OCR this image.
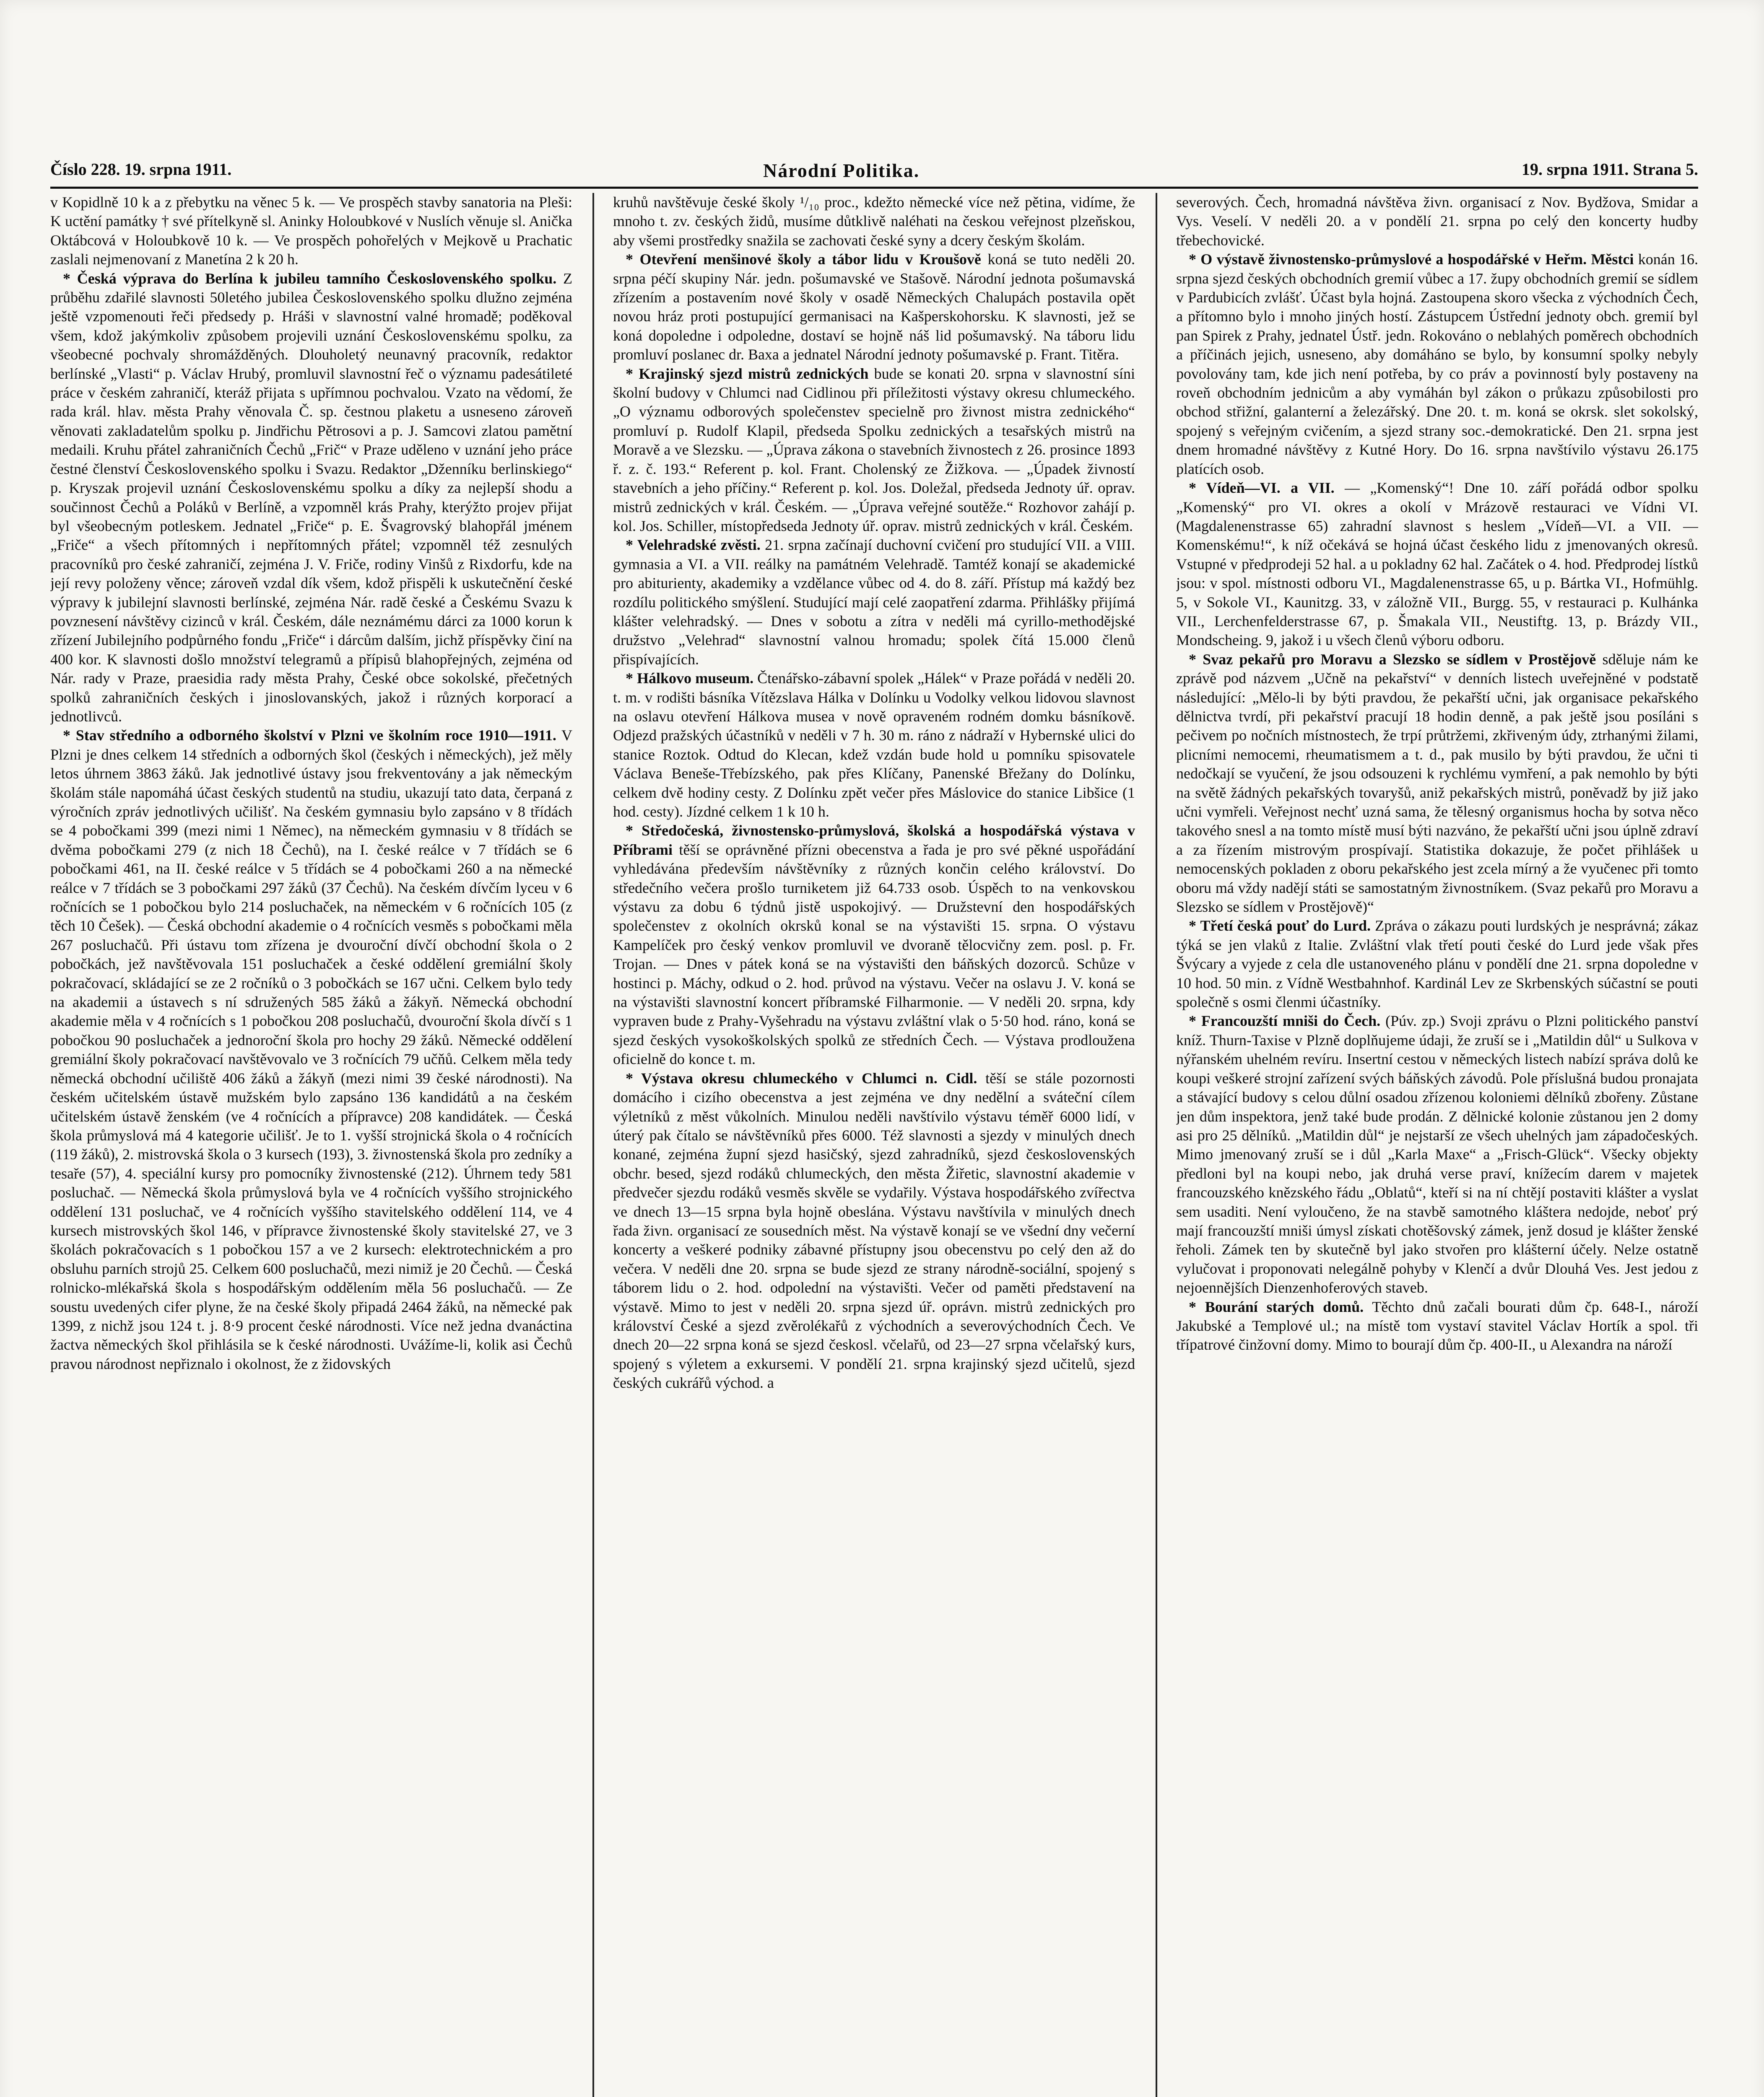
Číslo 228. 19. srpna 1911.	Národní Politika.	19. srpna 1911. Strana 5.

v Kopidlně 10 k a z přebytku na věnec 5 k. — Ve prospěch stavby sanatoria na Pleši: K uctění památky † své přítelkyně sl. Aninky Holoubkové v Nuslích věnuje sl. Anička Oktábcová v Holoubkově 10 k. — Ve prospěch pohořelých v Mejkově u Prachatic zaslali nejmenovaní z Manetína 2 k 20 h.

* Česká výprava do Berlína k jubileu tamního Československého spolku. Z průběhu zdařilé slavnosti 50letého jubilea Československého spolku dlužno zejména ještě vzpomenouti řeči předsedy p. Hráši v slavnostní valné hromadě; poděkoval všem, kdož jakýmkoliv způsobem projevili uznání Československému spolku, za všeobecné pochvaly shromážděných. Dlouholetý neunavný pracovník, redaktor berlínské „Vlasti“ p. Václav Hrubý, promluvil slavnostní řeč o významu padesátileté práce v českém zahraničí, kteráž přijata s upřímnou pochvalou. Vzato na vědomí, že rada král. hlav. města Prahy věnovala Č. sp. čestnou plaketu a usneseno zároveň věnovati zakladatelům spolku p. Jindřichu Pětrosovi a p. J. Samcovi zlatou pamětní medaili. Kruhu přátel zahraničních Čechů „Frič“ v Praze uděleno v uznání jeho práce čestné členství Československého spolku i Svazu. Redaktor „Dženníku berlinskiego“ p. Kryszak projevil uznání Československému spolku a díky za nejlepší shodu a součinnost Čechů a Poláků v Berlíně, a vzpomněl krás Prahy, kterýžto projev přijat byl všeobecným potleskem. Jednatel „Friče“ p. E. Švagrovský blahopřál jménem „Friče“ a všech přítomných i nepřítomných přátel; vzpomněl též zesnulých pracovníků pro české zahraničí, zejména J. V. Friče, rodiny Vinšů z Rixdorfu, kde na její revy položeny věnce; zároveň vzdal dík všem, kdož přispěli k uskutečnění české výpravy k jubilejní slavnosti berlínské, zejména Nár. radě české a Českému Svazu k povznesení návštěvy cizinců v král. Českém, dále neznámému dárci za 1000 korun k zřízení Jubilejního podpůrného fondu „Friče“ i dárcům dalším, jichž příspěvky činí na 400 kor. K slavnosti došlo množství telegramů a přípisů blahopřejných, zejména od Nár. rady v Praze, praesidia rady města Prahy, České obce sokolské, přečetných spolků zahraničních českých i jinoslovanských, jakož i různých korporací a jednotlivců.

* Stav středního a odborného školství v Plzni ve školním roce 1910—1911. V Plzni je dnes celkem 14 středních a odborných škol (českých i německých), jež měly letos úhrnem 3863 žáků. Jak jednotlivé ústavy jsou frekventovány a jak německým školám stále napomáhá účast českých studentů na studiu, ukazují tato data, čerpaná z výročních zpráv jednotlivých učilišť. Na českém gymnasiu bylo zapsáno v 8 třídách se 4 pobočkami 399 (mezi nimi 1 Němec), na německém gymnasiu v 8 třídách se dvěma pobočkami 279 (z nich 18 Čechů), na I. české reálce v 7 třídách se 6 pobočkami 461, na II. české reálce v 5 třídách se 4 pobočkami 260 a na německé reálce v 7 třídách se 3 pobočkami 297 žáků (37 Čechů). Na českém dívčím lyceu v 6 ročnících se 1 pobočkou bylo 214 posluchaček, na německém v 6 ročnících 105 (z těch 10 Češek). — Česká obchodní akademie o 4 ročnících vesměs s pobočkami měla 267 posluchačů. Při ústavu tom zřízena je dvouroční dívčí obchodní škola o 2 pobočkách, jež navštěvovala 151 posluchaček a české oddělení gremiální školy pokračovací, skládající se ze 2 ročníků o 3 pobočkách se 167 učni. Celkem bylo tedy na akademii a ústavech s ní sdružených 585 žáků a žákyň. Německá obchodní akademie měla v 4 ročnících s 1 pobočkou 208 posluchačů, dvouroční škola dívčí s 1 pobočkou 90 posluchaček a jednoroční škola pro hochy 29 žáků. Německé oddělení gremiální školy pokračovací navštěvovalo ve 3 ročnících 79 učňů. Celkem měla tedy německá obchodní učiliště 406 žáků a žákyň (mezi nimi 39 české národnosti). Na českém učitelském ústavě mužském bylo zapsáno 136 kandidátů a na českém učitelském ústavě ženském (ve 4 ročnících a přípravce) 208 kandidátek. — Česká škola průmyslová má 4 kategorie učilišť. Je to 1. vyšší strojnická škola o 4 ročnících (119 žáků), 2. mistrovská škola o 3 kursech (193), 3. živnostenská škola pro zedníky a tesaře (57), 4. speciální kursy pro pomocníky živnostenské (212). Úhrnem tedy 581 posluchač. — Německá škola průmyslová byla ve 4 ročnících vyššího strojnického oddělení 131 posluchač, ve 4 ročnících vyššího stavitelského oddělení 114, ve 4 kursech mistrovských škol 146, v přípravce živnostenské školy stavitelské 27, ve 3 školách pokračovacích s 1 pobočkou 157 a ve 2 kursech: elektrotechnickém a pro obsluhu parních strojů 25. Celkem 600 posluchačů, mezi nimiž je 20 Čechů. — Česká rolnicko-mlékařská škola s hospodářským oddělením měla 56 posluchačů. — Ze soustu uvedených cifer plyne, že na české školy připadá 2464 žáků, na německé pak 1399, z nichž jsou 124 t. j. 8·9 procent české národnosti. Více než jedna dvanáctina žactva německých škol přihlásila se k české národnosti. Uvážíme-li, kolik asi Čechů pravou národnost nepřiznalo i okolnost, že z židovských

kruhů navštěvuje české školy ¹/₁₀ proc., kdežto německé více než pětina, vidíme, že mnoho t. zv. českých židů, musíme důtklivě naléhati na českou veřejnost plzeňskou, aby všemi prostředky snažila se zachovati české syny a dcery českým školám.

* Otevření menšinové školy a tábor lidu v Kroušově koná se tuto neděli 20. srpna péčí skupiny Nár. jedn. pošumavské ve Stašově. Národní jednota pošumavská zřízením a postavením nové školy v osadě Německých Chalupách postavila opět novou hráz proti postupující germanisaci na Kašperskohorsku. K slavnosti, jež se koná dopoledne i odpoledne, dostaví se hojně náš lid pošumavský. Na táboru lidu promluví poslanec dr. Baxa a jednatel Národní jednoty pošumavské p. Frant. Titěra.

* Krajinský sjezd mistrů zednických bude se konati 20. srpna v slavnostní síni školní budovy v Chlumci nad Cidlinou při příležitosti výstavy okresu chlumeckého. „O významu odborových společenstev specielně pro živnost mistra zednického“ promluví p. Rudolf Klapil, předseda Spolku zednických a tesařských mistrů na Moravě a ve Slezsku. — „Úprava zákona o stavebních živnostech z 26. prosince 1893 ř. z. č. 193.“ Referent p. kol. Frant. Cholenský ze Žižkova. — „Úpadek živností stavebních a jeho příčiny.“ Referent p. kol. Jos. Doležal, předseda Jednoty úř. oprav. mistrů zednických v král. Českém. — „Úprava veřejné soutěže.“ Rozhovor zahájí p. kol. Jos. Schiller, místopředseda Jednoty úř. oprav. mistrů zednických v král. Českém.

* Velehradské zvěsti. 21. srpna začínají duchovní cvičení pro studující VII. a VIII. gymnasia a VI. a VII. reálky na památném Velehradě. Tamtéž konají se akademické pro abiturienty, akademiky a vzdělance vůbec od 4. do 8. září. Přístup má každý bez rozdílu politického smýšlení. Studující mají celé zaopatření zdarma. Přihlášky přijímá klášter velehradský. — Dnes v sobotu a zítra v neděli má cyrillo-methodějské družstvo „Velehrad“ slavnostní valnou hromadu; spolek čítá 15.000 členů přispívajících.

* Hálkovo museum. Čtenářsko-zábavní spolek „Hálek“ v Praze pořádá v neděli 20. t. m. v rodišti básníka Vítězslava Hálka v Dolínku u Vodolky velkou lidovou slavnost na oslavu otevření Hálkova musea v nově opraveném rodném domku básníkově. Odjezd pražských účastníků v neděli v 7 h. 30 m. ráno z nádraží v Hybernské ulici do stanice Roztok. Odtud do Klecan, kdež vzdán bude hold u pomníku spisovatele Václava Beneše-Třebízského, pak přes Klíčany, Panenské Břežany do Dolínku, celkem dvě hodiny cesty. Z Dolínku zpět večer přes Máslovice do stanice Libšice (1 hod. cesty). Jízdné celkem 1 k 10 h.

* Středočeská, živnostensko-průmyslová, školská a hospodářská výstava v Příbrami těší se oprávněné přízni obecenstva a řada je pro své pěkné uspořádání vyhledávána především návštěvníky z různých končin celého království. Do středečního večera prošlo turniketem již 64.733 osob. Úspěch to na venkovskou výstavu za dobu 6 týdnů jistě uspokojivý. — Družstevní den hospodářských společenstev z okolních okrsků konal se na výstavišti 15. srpna. O výstavu Kampelíček pro český venkov promluvil ve dvoraně tělocvičny zem. posl. p. Fr. Trojan. — Dnes v pátek koná se na výstavišti den báňských dozorců. Schůze v hostinci p. Máchy, odkud o 2. hod. průvod na výstavu. Večer na oslavu J. V. koná se na výstavišti slavnostní koncert příbramské Filharmonie. — V neděli 20. srpna, kdy vypraven bude z Prahy-Vyšehradu na výstavu zvláštní vlak o 5·50 hod. ráno, koná se sjezd českých vysokoškolských spolků ze středních Čech. — Výstava prodloužena oficielně do konce t. m.

* Výstava okresu chlumeckého v Chlumci n. Cidl. těší se stále pozornosti domácího i cizího obecenstva a jest zejména ve dny nedělní a sváteční cílem výletníků z měst vůkolních. Minulou neděli navštívilo výstavu téměř 6000 lidí, v úterý pak čítalo se návštěvníků přes 6000. Též slavnosti a sjezdy v minulých dnech konané, zejména župní sjezd hasičský, sjezd zahradníků, sjezd československých obchr. besed, sjezd rodáků chlumeckých, den města Žiřetic, slavnostní akademie v předvečer sjezdu rodáků vesměs skvěle se vydařily. Výstava hospodářského zvířectva ve dnech 13—15 srpna byla hojně obeslána. Výstavu navštívila v minulých dnech řada živn. organisací ze sousedních měst. Na výstavě konají se ve všední dny večerní koncerty a veškeré podniky zábavné přístupny jsou obecenstvu po celý den až do večera. V neděli dne 20. srpna se bude sjezd ze strany národně-sociální, spojený s táborem lidu o 2. hod. odpolední na výstavišti. Večer od paměti představení na výstavě. Mimo to jest v neděli 20. srpna sjezd úř. oprávn. mistrů zednických pro království České a sjezd zvěrolékařů z východních a severovýchodních Čech. Ve dnech 20—22 srpna koná se sjezd českosl. včelařů, od 23—27 srpna včelařský kurs, spojený s výletem a exkursemi. V pondělí 21. srpna krajinský sjezd učitelů, sjezd českých cukrářů východ. a

severových. Čech, hromadná návštěva živn. organisací z Nov. Bydžova, Smidar a Vys. Veselí. V neděli 20. a v pondělí 21. srpna po celý den koncerty hudby třebechovické.

* O výstavě živnostensko-průmyslové a hospodářské v Heřm. Městci konán 16. srpna sjezd českých obchodních gremií vůbec a 17. župy obchodních gremií se sídlem v Pardubicích zvlášť. Účast byla hojná. Zastoupena skoro všecka z východních Čech, a přítomno bylo i mnoho jiných hostí. Zástupcem Ústřední jednoty obch. gremií byl pan Spirek z Prahy, jednatel Ústř. jedn. Rokováno o neblahých poměrech obchodních a příčinách jejich, usneseno, aby domáháno se bylo, by konsumní spolky nebyly povolovány tam, kde jich není potřeba, by co práv a povinností byly postaveny na roveň obchodním jednicům a aby vymáhán byl zákon o průkazu způsobilosti pro obchod střižní, galanterní a železářský. Dne 20. t. m. koná se okrsk. slet sokolský, spojený s veřejným cvičením, a sjezd strany soc.-demokratické. Den 21. srpna jest dnem hromadné návštěvy z Kutné Hory. Do 16. srpna navštívilo výstavu 26.175 platících osob.

* Vídeň—VI. a VII. — „Komenský“! Dne 10. září pořádá odbor spolku „Komenský“ pro VI. okres a okolí v Mrázově restauraci ve Vídni VI. (Magdalenenstrasse 65) zahradní slavnost s heslem „Vídeň—VI. a VII. — Komenskému!“, k níž očekává se hojná účast českého lidu z jmenovaných okresů. Vstupné v předprodeji 52 hal. a u pokladny 62 hal. Začátek o 4. hod. Předprodej lístků jsou: v spol. místnosti odboru VI., Magdalenenstrasse 65, u p. Bártka VI., Hofmühlg. 5, v Sokole VI., Kaunitzg. 33, v záložně VII., Burgg. 55, v restauraci p. Kulhánka VII., Lerchenfelderstrasse 67, p. Šmakala VII., Neustiftg. 13, p. Brázdy VII., Mondscheing. 9, jakož i u všech členů výboru odboru.

* Svaz pekařů pro Moravu a Slezsko se sídlem v Prostějově sděluje nám ke zprávě pod názvem „Učně na pekařství“ v denních listech uveřejněné v podstatě následující: „Mělo-li by býti pravdou, že pekařští učni, jak organisace pekařského dělnictva tvrdí, při pekařství pracují 18 hodin denně, a pak ještě jsou posíláni s pečivem po nočních místnostech, že trpí průtržemi, zkřiveným údy, ztrhanými žilami, plicními nemocemi, rheumatismem a t. d., pak musilo by býti pravdou, že učni ti nedočkají se vyučení, že jsou odsouzeni k rychlému vymření, a pak nemohlo by býti na světě žádných pekařských tovaryšů, aniž pekařských mistrů, poněvadž by již jako učni vymřeli. Veřejnost nechť uzná sama, že tělesný organismus hocha by sotva něco takového snesl a na tomto místě musí býti nazváno, že pekařští učni jsou úplně zdraví a za řízením mistrovým prospívají. Statistika dokazuje, že počet přihlášek u nemocenských pokladen z oboru pekařského jest zcela mírný a že vyučenec při tomto oboru má vždy nadějí státi se samostatným živnostníkem. (Svaz pekařů pro Moravu a Slezsko se sídlem v Prostějově)“

* Třetí česká pouť do Lurd. Zpráva o zákazu pouti lurdských je nesprávná; zákaz týká se jen vlaků z Italie. Zvláštní vlak třetí pouti české do Lurd jede však přes Švýcary a vyjede z cela dle ustanoveného plánu v pondělí dne 21. srpna dopoledne v 10 hod. 50 min. z Vídně Westbahnhof. Kardinál Lev ze Skrbenských súčastní se pouti společně s osmi členmi účastníky.

* Francouzští mniši do Čech. (Púv. zp.) Svoji zprávu o Plzni politického panství kníž. Thurn-Taxise v Plzně doplňujeme údaji, že zruší se i „Matildin důl“ u Sulkova v nýřanském uhelném revíru. Insertní cestou v německých listech nabízí správa dolů ke koupi veškeré strojní zařízení svých báňských závodů. Pole příslušná budou pronajata a stávající budovy s celou důlní osadou zřízenou koloniemi dělníků zbořeny. Zůstane jen dům inspektora, jenž také bude prodán. Z dělnické kolonie zůstanou jen 2 domy asi pro 25 dělníků. „Matildin důl“ je nejstarší ze všech uhelných jam západočeských. Mimo jmenovaný zruší se i důl „Karla Maxe“ a „Frisch-Glück“. Všecky objekty předloni byl na koupi nebo, jak druhá verse praví, knížecím darem v majetek francouzského knězského řádu „Oblatů“, kteří si na ní chtějí postaviti klášter a vyslat sem usaditi. Není vyloučeno, že na stavbě samotného kláštera nedojde, neboť prý mají francouzští mniši úmysl získati chotěšovský zámek, jenž dosud je klášter ženské řeholi. Zámek ten by skutečně byl jako stvořen pro klášterní účely. Nelze ostatně vylučovat i proponovati nelegálně pohyby v Klenčí a dvůr Dlouhá Ves. Jest jedou z nejoennějších Dienzenhoferových staveb.

* Bourání starých domů. Těchto dnů začali bourati dům čp. 648-I., nároží Jakubské a Templové ul.; na místě tom vystaví stavitel Václav Hortík a spol. tři třípatrové činžovní domy. Mimo to bourají dům čp. 400-II., u Alexandra na nároží
